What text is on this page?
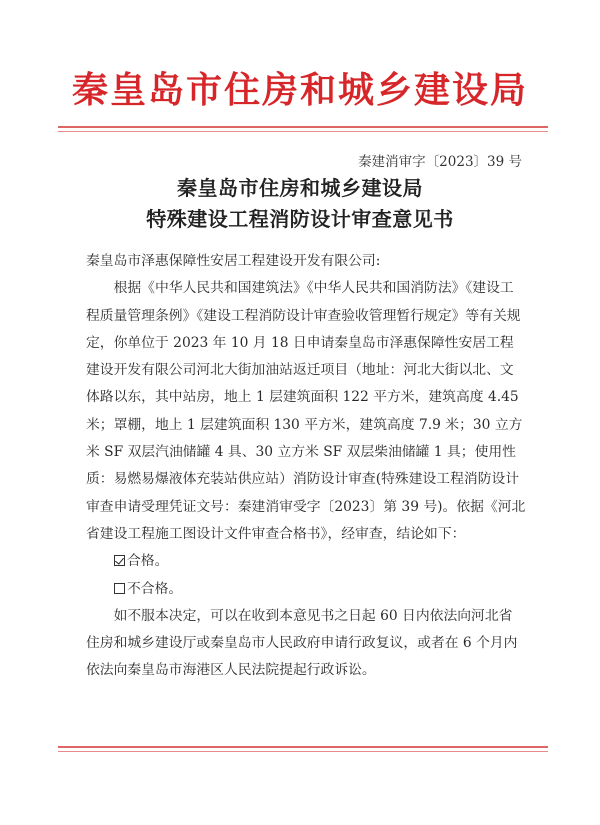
秦皇岛市住房和城乡建设局
秦建消审字〔2023〕39 号
秦皇岛市住房和城乡建设局
特殊建设工程消防设计审查意见书

秦皇岛市泽惠保障性安居工程建设开发有限公司:

根据《中华人民共和国建筑法》《中华人民共和国消防法》《建设工程质量管理条例》《建设工程消防设计审查验收管理暂行规定》等有关规定，你单位于 2023 年 10 月 18 日申请秦皇岛市泽惠保障性安居工程建设开发有限公司河北大街加油站返迁项目（地址：河北大街以北、文体路以东，其中站房，地上 1 层建筑面积 122 平方米，建筑高度 4.45 米；罩棚，地上 1 层建筑面积 130 平方米，建筑高度 7.9 米；30 立方米 SF 双层汽油储罐 4 具、30 立方米 SF 双层柴油储罐 1 具；使用性质：易燃易爆液体充装站供应站）消防设计审查(特殊建设工程消防设计审查申请受理凭证文号：秦建消审受字〔2023〕第 39 号)。依据《河北省建设工程施工图设计文件审查合格书》，经审查，结论如下：

合格。

不合格。

如不服本决定，可以在收到本意见书之日起 60 日内依法向河北省住房和城乡建设厅或秦皇岛市人民政府申请行政复议，或者在 6 个月内依法向秦皇岛市海港区人民法院提起行政诉讼。
